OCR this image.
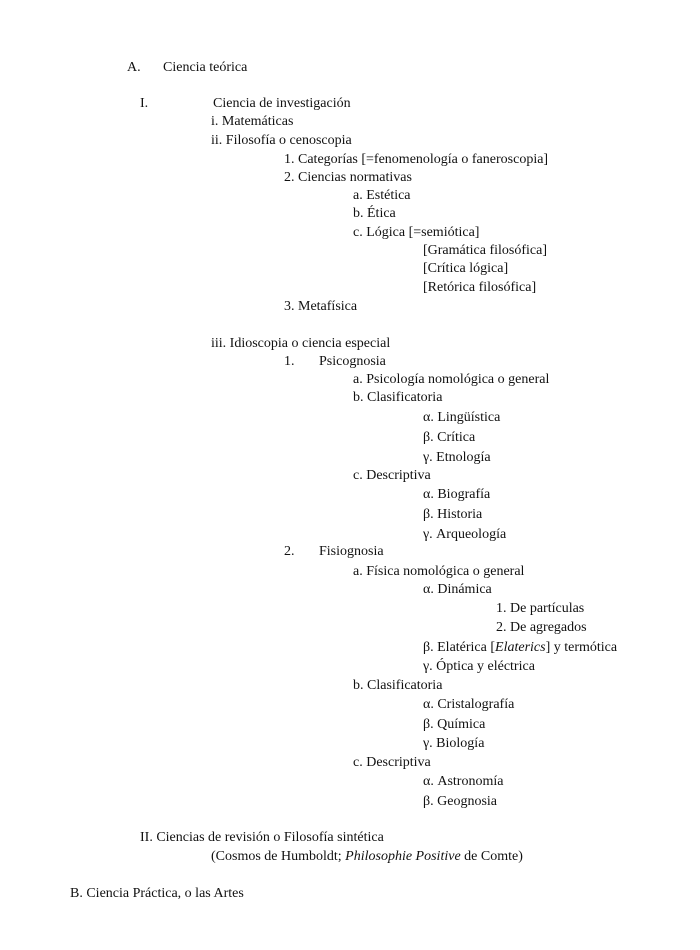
A. Ciencia teórica
I.	Ciencia de investigación
i. Matemáticas
ii. Filosofía o cenoscopia
1. Categorías [=fenomenología o faneroscopia]
2. Ciencias normativas
a. Estética
b. Ética
c. Lógica [=semiótica]
[Gramática filosófica]
[Crítica lógica]
[Retórica filosófica]
3. Metafísica
iii. Idioscopia o ciencia especial
1. Psicognosia
a. Psicología nomológica o general
b. Clasificatoria
α. Lingüística
β. Crítica
γ. Etnología
c. Descriptiva
α. Biografía
β. Historia
γ. Arqueología
2. Fisiognosia
a. Física nomológica o general
α. Dinámica
1. De partículas
2. De agregados
β. Elatérica [Elaterics] y termótica
γ. Óptica y eléctrica
b. Clasificatoria
α. Cristalografía
β. Química
γ. Biología
c. Descriptiva
α. Astronomía
β. Geognosia
II. Ciencias de revisión o Filosofía sintética
(Cosmos de Humboldt; Philosophie Positive de Comte)
B. Ciencia Práctica, o las Artes
